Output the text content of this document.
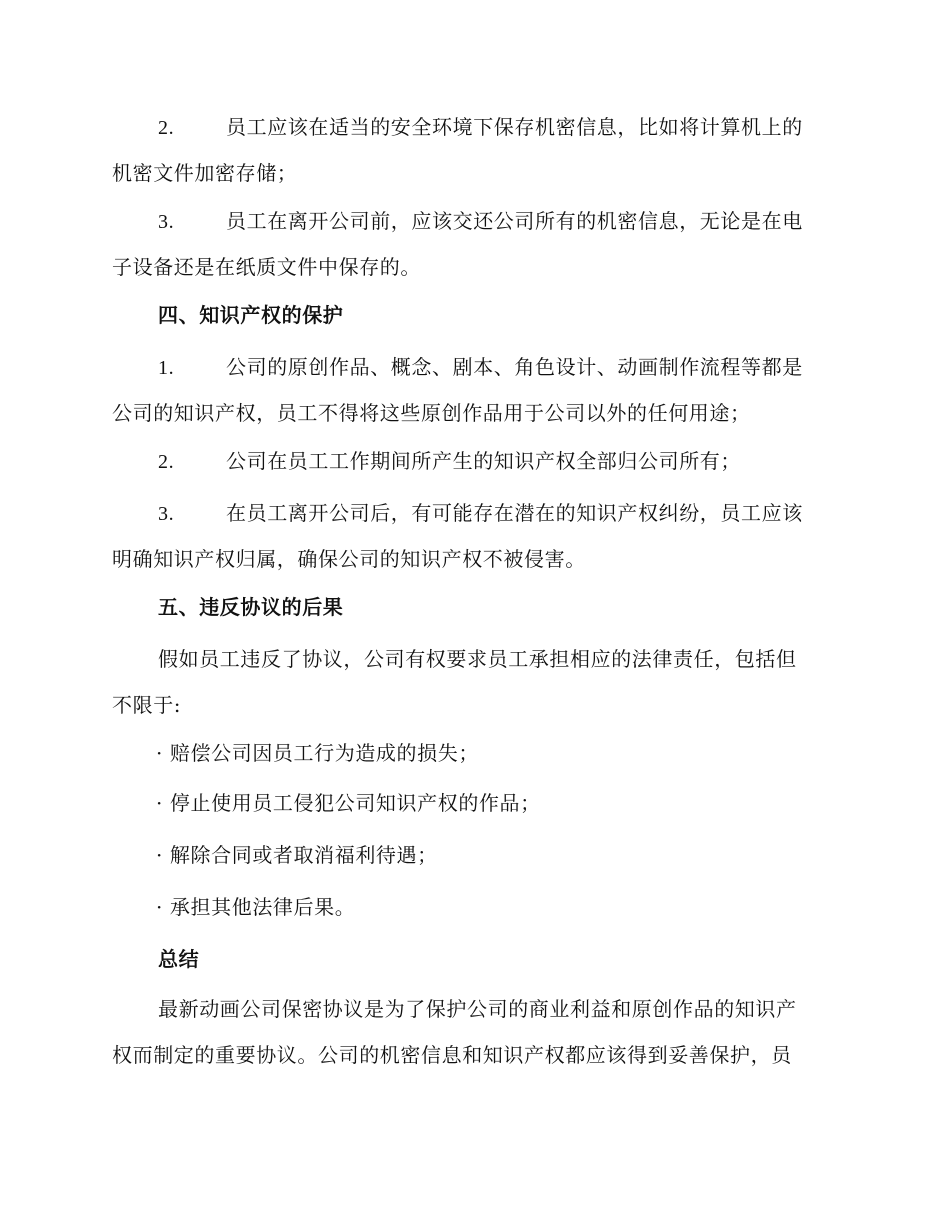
2.	员工应该在适当的安全环境下保存机密信息，比如将计算机上的
机密文件加密存储；
3.	员工在离开公司前，应该交还公司所有的机密信息，无论是在电
子设备还是在纸质文件中保存的。
四、知识产权的保护
1.	公司的原创作品、概念、剧本、角色设计、动画制作流程等都是
公司的知识产权，员工不得将这些原创作品用于公司以外的任何用途；
2.	公司在员工工作期间所产生的知识产权全部归公司所有；
3.	在员工离开公司后，有可能存在潜在的知识产权纠纷，员工应该
明确知识产权归属，确保公司的知识产权不被侵害。
五、违反协议的后果
假如员工违反了协议，公司有权要求员工承担相应的法律责任，包括但
不限于:
· 赔偿公司因员工行为造成的损失；
· 停止使用员工侵犯公司知识产权的作品；
· 解除合同或者取消福利待遇；
· 承担其他法律后果。
总结
最新动画公司保密协议是为了保护公司的商业利益和原创作品的知识产
权而制定的重要协议。公司的机密信息和知识产权都应该得到妥善保护，员
